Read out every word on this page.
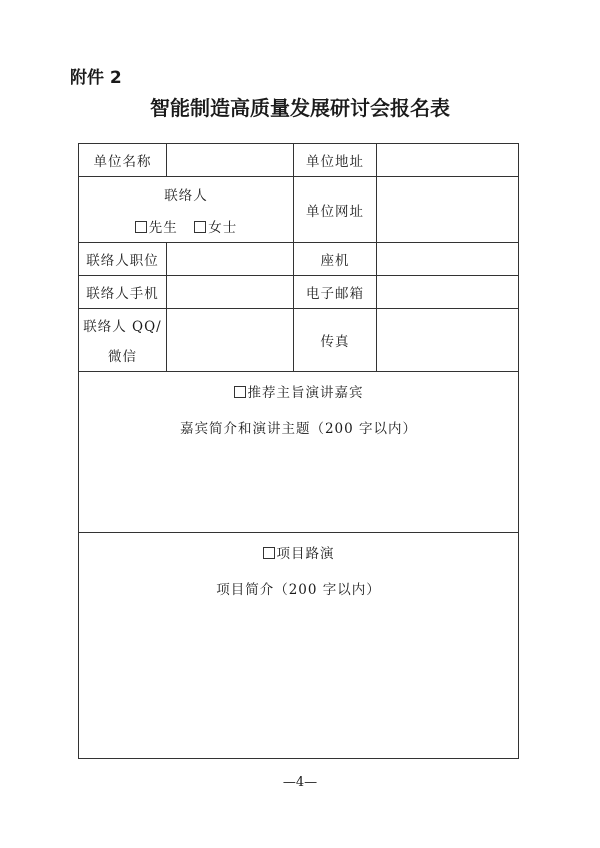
附件 2
智能制造高质量发展研讨会报名表
单位名称		单位地址	

联络人
先生 女士		单位网址	
联络人职位		座机	
联络人手机		电子邮箱	

联络人 QQ/
微信		传真	

推荐主旨演讲嘉宾
嘉宾简介和演讲主题（200 字以内）			

项目路演
项目简介（200 字以内）			
—4—
